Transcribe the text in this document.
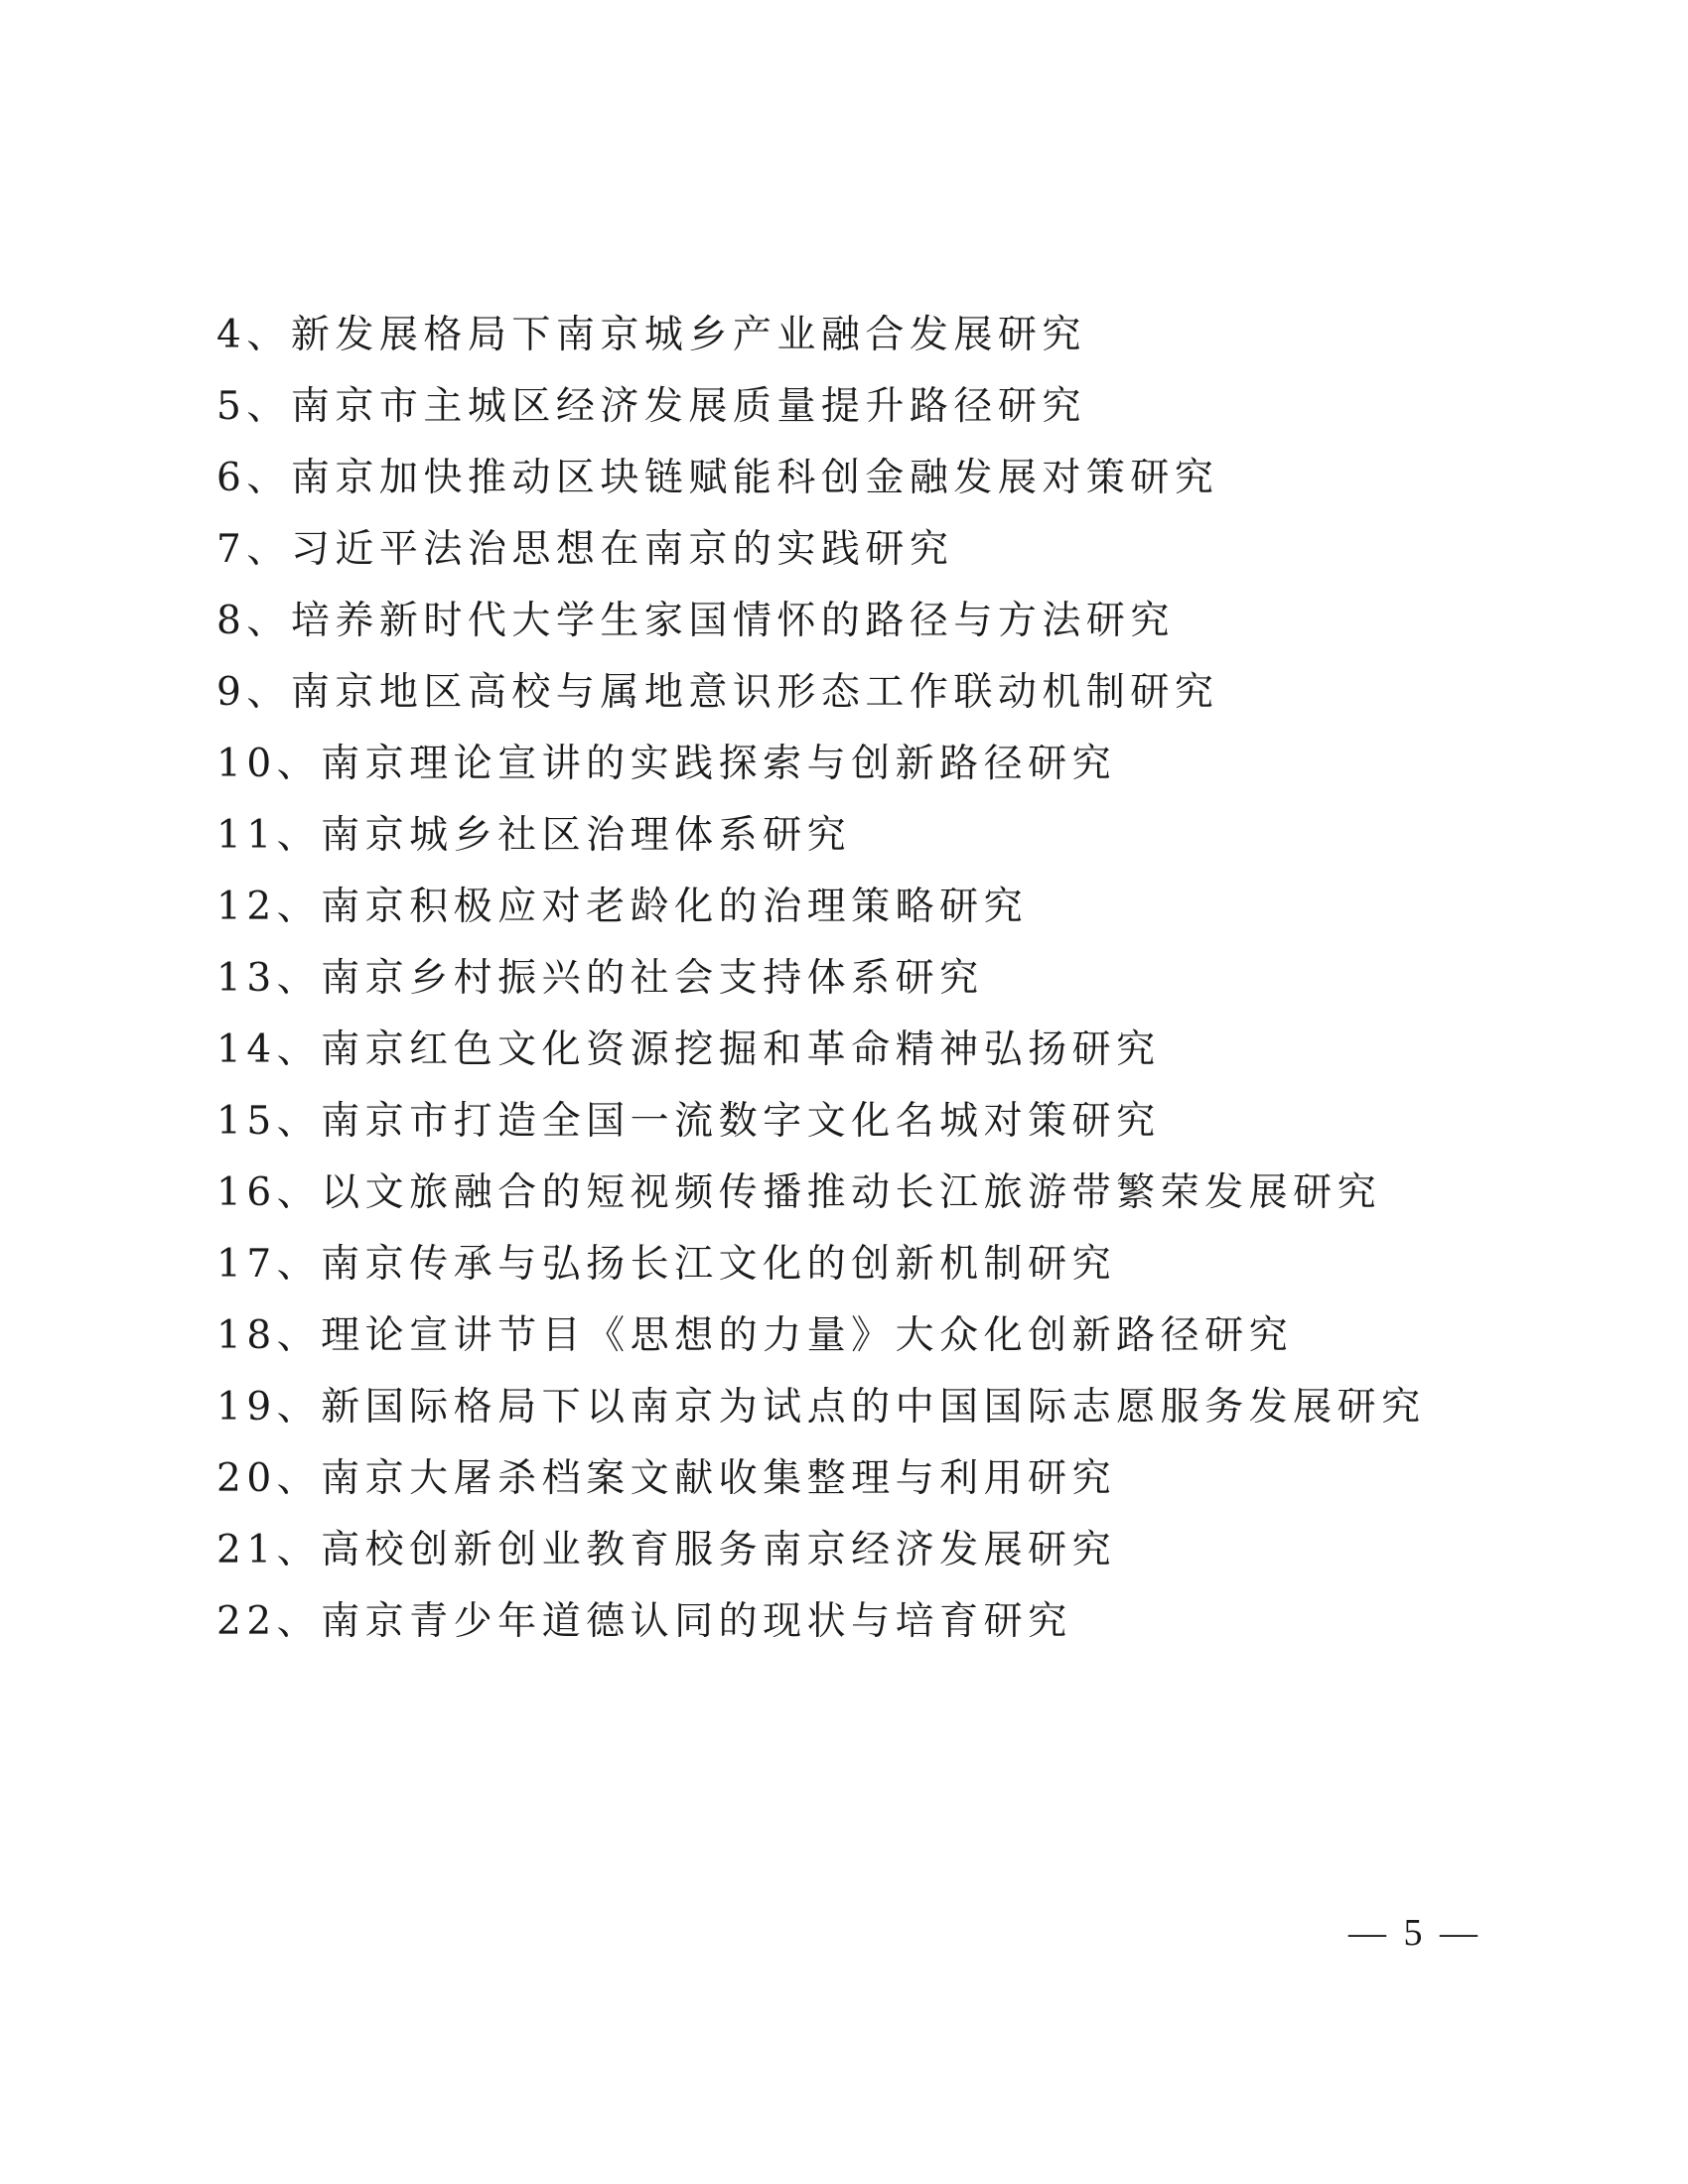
4、新发展格局下南京城乡产业融合发展研究
5、南京市主城区经济发展质量提升路径研究
6、南京加快推动区块链赋能科创金融发展对策研究
7、习近平法治思想在南京的实践研究
8、培养新时代大学生家国情怀的路径与方法研究
9、南京地区高校与属地意识形态工作联动机制研究
10、南京理论宣讲的实践探索与创新路径研究
11、南京城乡社区治理体系研究
12、南京积极应对老龄化的治理策略研究
13、南京乡村振兴的社会支持体系研究
14、南京红色文化资源挖掘和革命精神弘扬研究
15、南京市打造全国一流数字文化名城对策研究
16、以文旅融合的短视频传播推动长江旅游带繁荣发展研究
17、南京传承与弘扬长江文化的创新机制研究
18、理论宣讲节目《思想的力量》大众化创新路径研究
19、新国际格局下以南京为试点的中国国际志愿服务发展研究
20、南京大屠杀档案文献收集整理与利用研究
21、高校创新创业教育服务南京经济发展研究
22、南京青少年道德认同的现状与培育研究
— 5 —
